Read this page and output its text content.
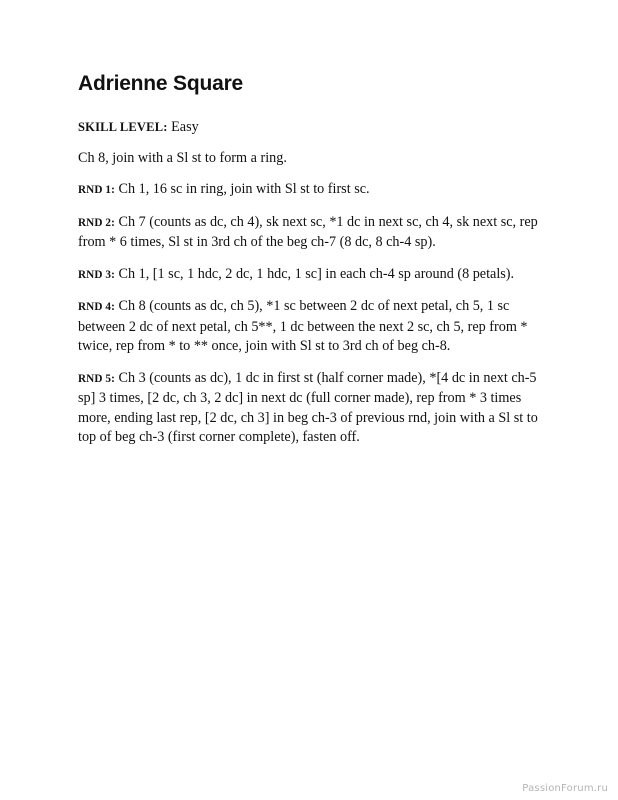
Adrienne Square

SKILL LEVEL: Easy

Ch 8, join with a Sl st to form a ring.

RND 1: Ch 1, 16 sc in ring, join with Sl st to first sc.

RND 2: Ch 7 (counts as dc, ch 4), sk next sc, *1 dc in next sc, ch 4, sk next sc, rep from * 6 times, Sl st in 3rd ch of the beg ch-7 (8 dc, 8 ch-4 sp).

RND 3: Ch 1, [1 sc, 1 hdc, 2 dc, 1 hdc, 1 sc] in each ch-4 sp around (8 petals).

RND 4: Ch 8 (counts as dc, ch 5), *1 sc between 2 dc of next petal, ch 5, 1 sc between 2 dc of next petal, ch 5**, 1 dc between the next 2 sc, ch 5, rep from * twice, rep from * to ** once, join with Sl st to 3rd ch of beg ch-8.

RND 5: Ch 3 (counts as dc), 1 dc in first st (half corner made), *[4 dc in next ch-5 sp] 3 times, [2 dc, ch 3, 2 dc] in next dc (full corner made), rep from * 3 times more, ending last rep, [2 dc, ch 3] in beg ch-3 of previous rnd, join with a Sl st to top of beg ch-3 (first corner complete), fasten off.

PassionForum.ru
